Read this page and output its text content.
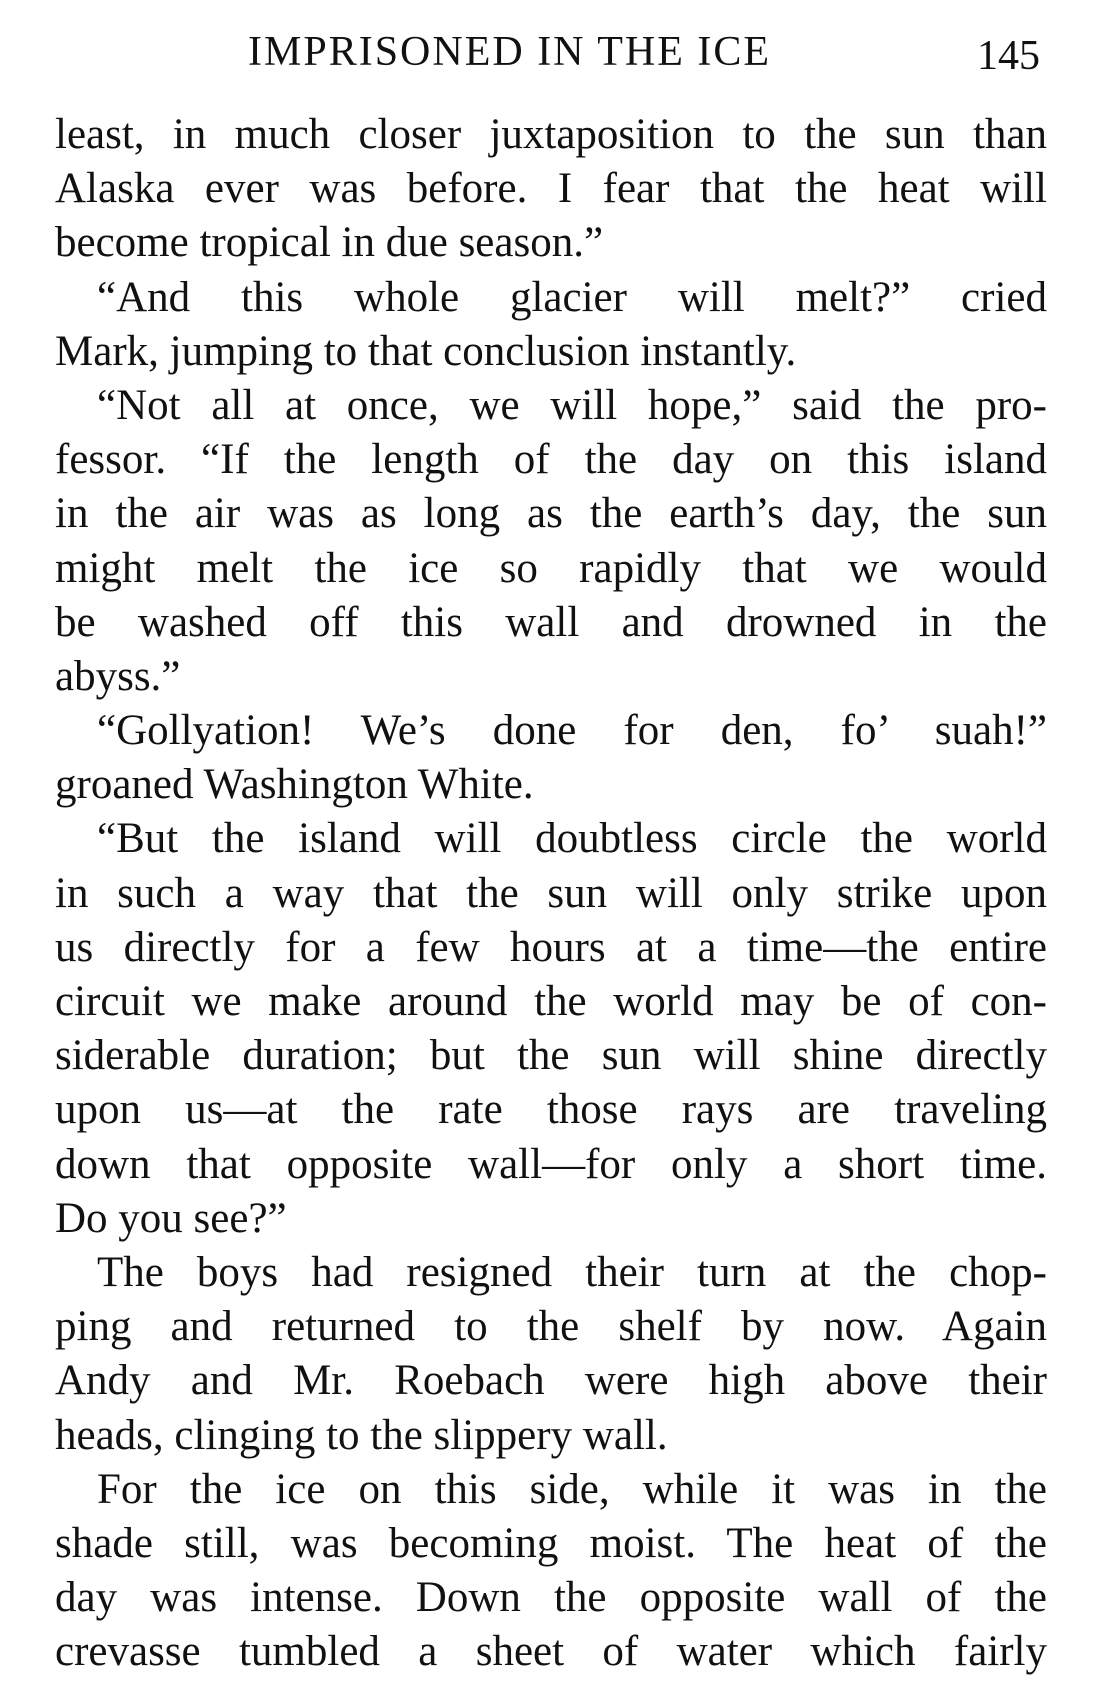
IMPRISONED IN THE ICE	145
least, in much closer juxtaposition to the sun than
Alaska ever was before. I fear that the heat will
become tropical in due season.”
“And this whole glacier will melt?” cried
Mark, jumping to that conclusion instantly.
“Not all at once, we will hope,” said the pro-
fessor. “If the length of the day on this island
in the air was as long as the earth’s day, the sun
might melt the ice so rapidly that we would
be washed off this wall and drowned in the
abyss.”
“Gollyation! We’s done for den, fo’ suah!”
groaned Washington White.
“But the island will doubtless circle the world
in such a way that the sun will only strike upon
us directly for a few hours at a time—the entire
circuit we make around the world may be of con-
siderable duration; but the sun will shine directly
upon us—at the rate those rays are traveling
down that opposite wall—for only a short time.
Do you see?”
The boys had resigned their turn at the chop-
ping and returned to the shelf by now. Again
Andy and Mr. Roebach were high above their
heads, clinging to the slippery wall.
For the ice on this side, while it was in the
shade still, was becoming moist. The heat of the
day was intense. Down the opposite wall of the
crevasse tumbled a sheet of water which fairly
